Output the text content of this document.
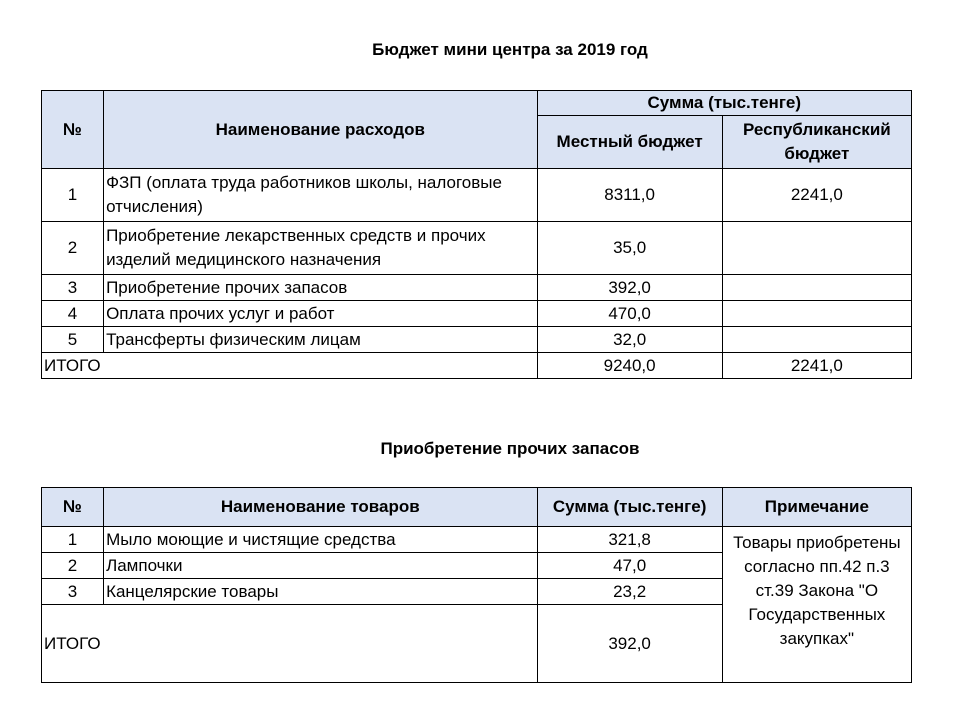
Бюджет мини центра за 2019 год
№	Наименование расходов	Сумма (тыс.тенге)	
		Местный бюджет	Республиканский бюджет
1	ФЗП (оплата труда работников школы, налоговые отчисления)	8311,0	2241,0
2	Приобретение лекарственных средств и прочих изделий медицинского назначения	35,0	
3	Приобретение прочих запасов	392,0	
4	Оплата прочих услуг и работ	470,0	
5	Трансферты физическим лицам	32,0	
ИТОГО		9240,0	2241,0
Приобретение прочих запасов
№	Наименование товаров	Сумма (тыс.тенге)	Примечание
1	Мыло моющие и чистящие средства	321,8	Товары приобретены согласно пп.42 п.3 ст.39 Закона "О Государственных закупках"
2	Лампочки	47,0	
3	Канцелярские товары	23,2	
ИТОГО		392,0	
